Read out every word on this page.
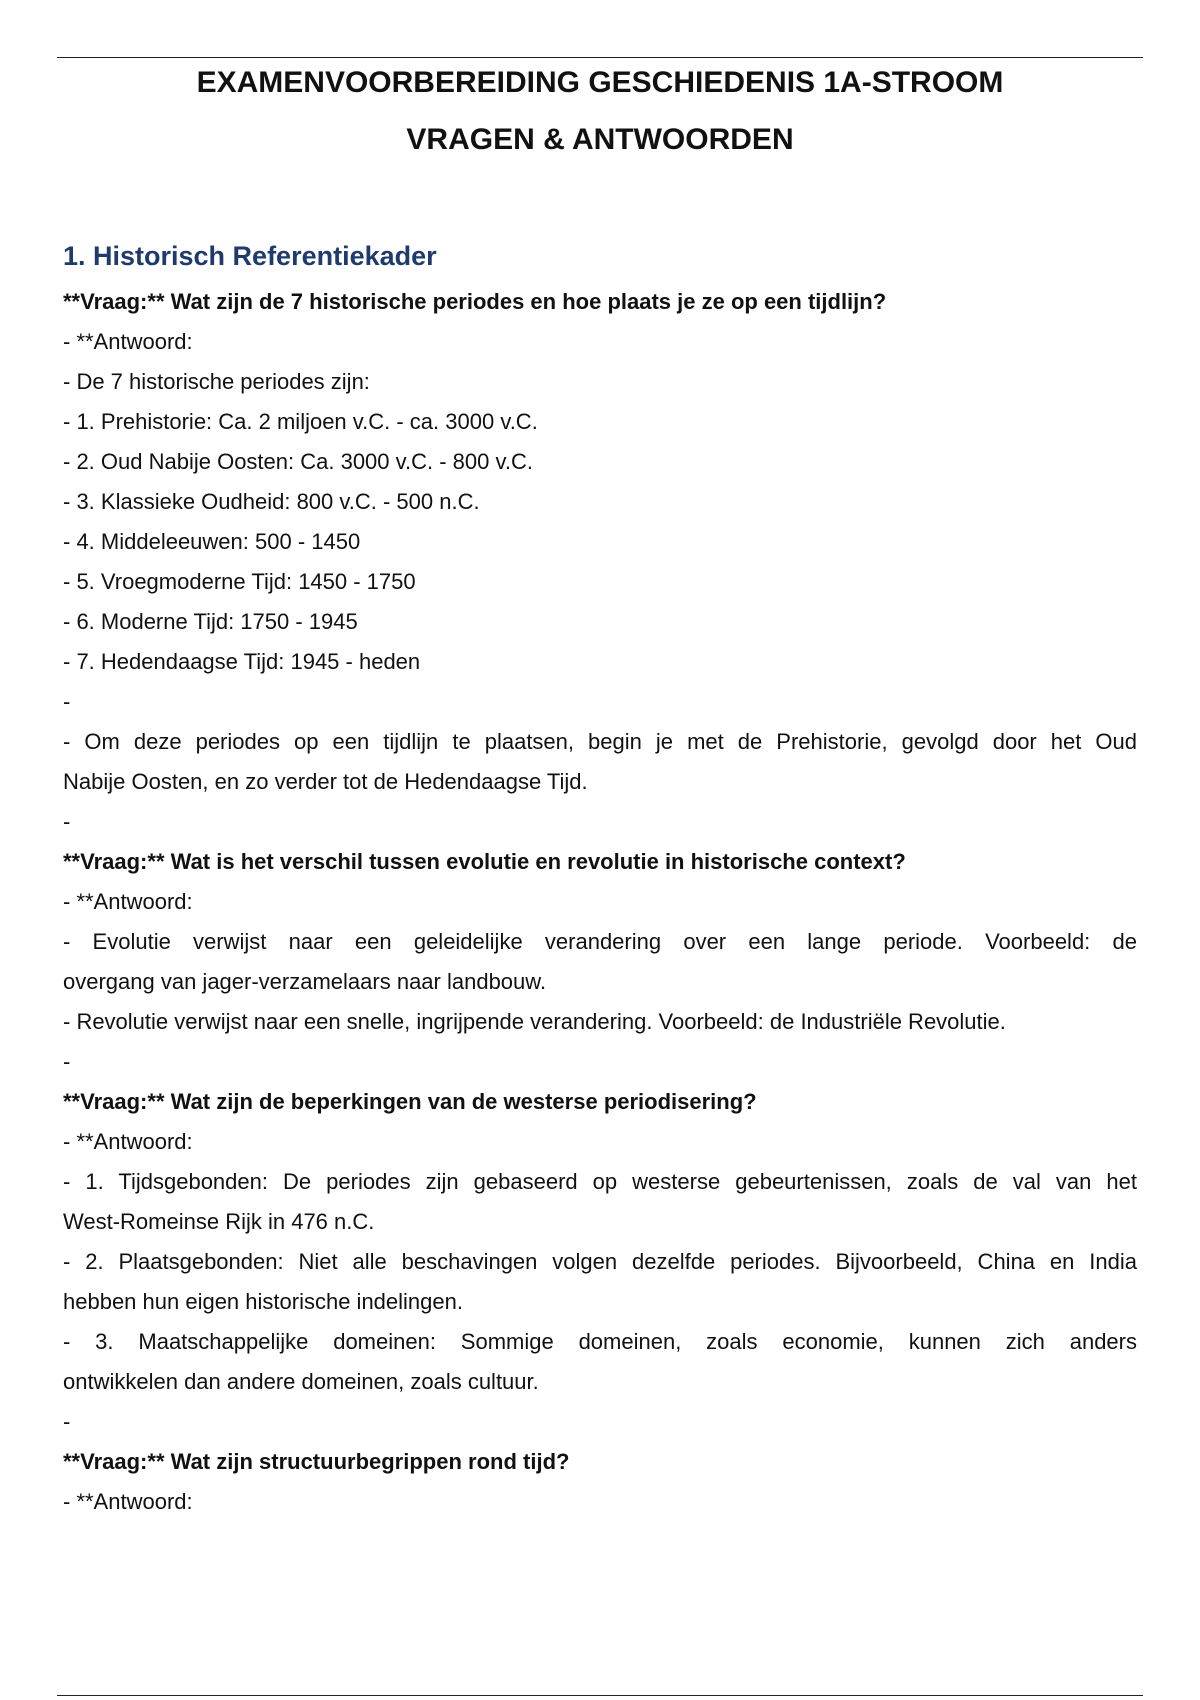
EXAMENVOORBEREIDING GESCHIEDENIS 1A-STROOM
VRAGEN & ANTWOORDEN
1. Historisch Referentiekader

**Vraag:** Wat zijn de 7 historische periodes en hoe plaats je ze op een tijdlijn?

- **Antwoord:

- De 7 historische periodes zijn:

- 1. Prehistorie: Ca. 2 miljoen v.C. - ca. 3000 v.C.

- 2. Oud Nabije Oosten: Ca. 3000 v.C. - 800 v.C.

- 3. Klassieke Oudheid: 800 v.C. - 500 n.C.

- 4. Middeleeuwen: 500 - 1450

- 5. Vroegmoderne Tijd: 1450 - 1750

- 6. Moderne Tijd: 1750 - 1945

- 7. Hedendaagse Tijd: 1945 - heden

-

- Om deze periodes op een tijdlijn te plaatsen, begin je met de Prehistorie, gevolgd door het Oud

Nabije Oosten, en zo verder tot de Hedendaagse Tijd.

-

**Vraag:** Wat is het verschil tussen evolutie en revolutie in historische context?

- **Antwoord:

- Evolutie verwijst naar een geleidelijke verandering over een lange periode. Voorbeeld: de

overgang van jager-verzamelaars naar landbouw.

- Revolutie verwijst naar een snelle, ingrijpende verandering. Voorbeeld: de Industriële Revolutie.

-

**Vraag:** Wat zijn de beperkingen van de westerse periodisering?

- **Antwoord:

- 1. Tijdsgebonden: De periodes zijn gebaseerd op westerse gebeurtenissen, zoals de val van het

West-Romeinse Rijk in 476 n.C.

- 2. Plaatsgebonden: Niet alle beschavingen volgen dezelfde periodes. Bijvoorbeeld, China en India

hebben hun eigen historische indelingen.

- 3. Maatschappelijke domeinen: Sommige domeinen, zoals economie, kunnen zich anders

ontwikkelen dan andere domeinen, zoals cultuur.

-

**Vraag:** Wat zijn structuurbegrippen rond tijd?

- **Antwoord:
